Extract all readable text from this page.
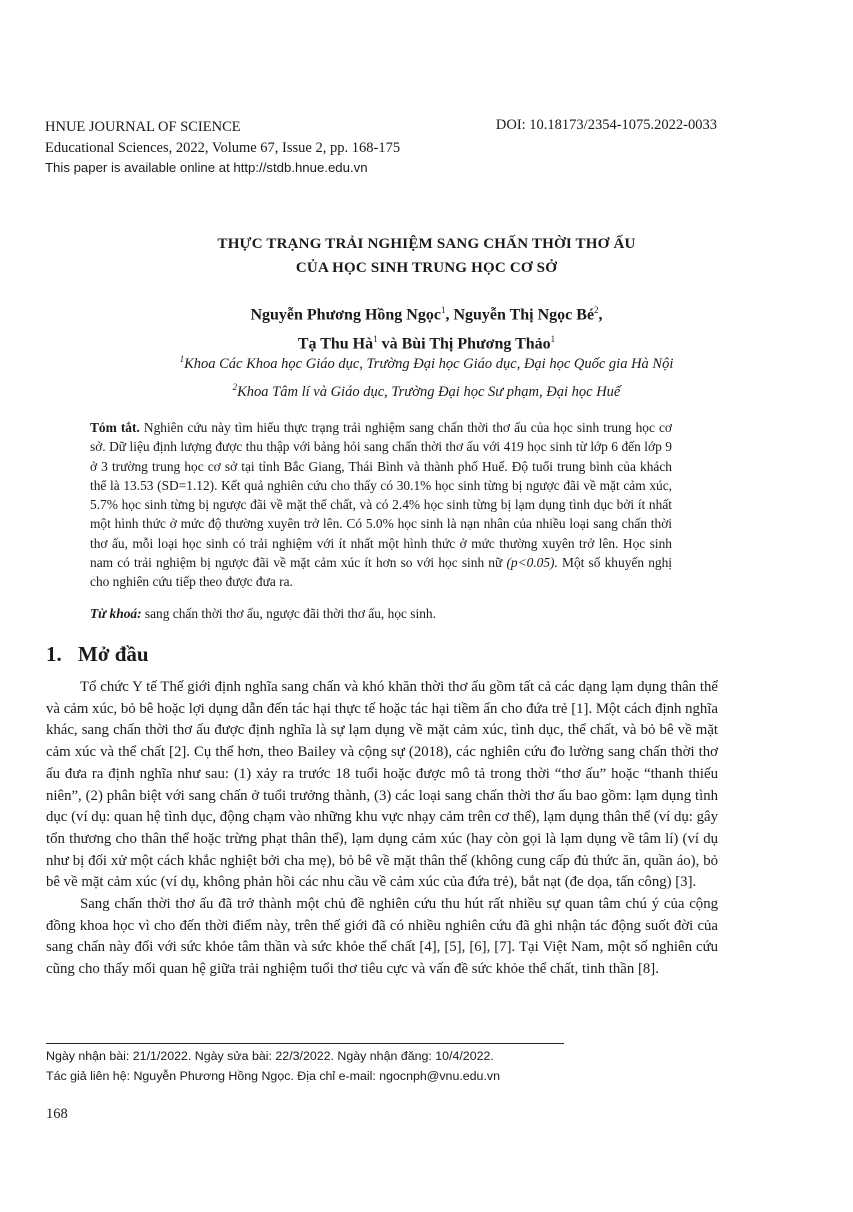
HNUE JOURNAL OF SCIENCE
Educational Sciences, 2022, Volume 67, Issue 2, pp. 168-175
This paper is available online at http://stdb.hnue.edu.vn
DOI: 10.18173/2354-1075.2022-0033
THỰC TRẠNG TRẢI NGHIỆM SANG CHẤN THỜI THƠ ẤU
CỦA HỌC SINH TRUNG HỌC CƠ SỞ
Nguyễn Phương Hồng Ngọc$^1$, Nguyễn Thị Ngọc $Bé^2$,
Tạ Thu $Hà^1$ và Bùi Thị Phương Thảo$^1$
$^1$Khoa Các Khoa học Giáo dục, Trường Đại học Giáo dục, Đại học Quốc gia Hà Nội
$^2$Khoa Tâm lí và Giáo dục, Trường Đại học Sư phạm, Đại học Huế
Tóm tắt. Nghiên cứu này tìm hiểu thực trạng trải nghiệm sang chấn thời thơ ấu của học sinh trung học cơ sở. Dữ liệu định lượng được thu thập với bảng hỏi sang chấn thời thơ ấu với 419 học sinh từ lớp 6 đến lớp 9 ở 3 trường trung học cơ sở tại tỉnh Bắc Giang, Thái Bình và thành phố Huế. Độ tuổi trung bình của khách thể là 13.53 (SD=1.12). Kết quả nghiên cứu cho thấy có 30.1% học sinh từng bị ngược đãi về mặt cảm xúc, 5.7% học sinh từng bị ngược đãi về mặt thể chất, và có 2.4% học sinh từng bị lạm dụng tình dục bởi ít nhất một hình thức ở mức độ thường xuyên trở lên. Có 5.0% học sinh là nạn nhân của nhiều loại sang chấn thời thơ ấu, mỗi loại học sinh có trải nghiệm với ít nhất một hình thức ở mức thường xuyên trở lên. Học sinh nam có trải nghiệm bị ngược đãi về mặt cảm xúc ít hơn so với học sinh nữ (p<0.05). Một số khuyến nghị cho nghiên cứu tiếp theo được đưa ra.
Từ khoá: sang chấn thời thơ ấu, ngược đãi thời thơ ấu, học sinh.
1. Mở đầu

Tổ chức Y tế Thế giới định nghĩa sang chấn và khó khăn thời thơ ấu gồm tất cả các dạng lạm dụng thân thể và cảm xúc, bỏ bê hoặc lợi dụng dẫn đến tác hại thực tế hoặc tác hại tiềm ẩn cho đứa trẻ [1]. Một cách định nghĩa khác, sang chấn thời thơ ấu được định nghĩa là sự lạm dụng về mặt cảm xúc, tình dục, thể chất, và bỏ bê về mặt cảm xúc và thể chất [2]. Cụ thể hơn, theo Bailey và cộng sự (2018), các nghiên cứu đo lường sang chấn thời thơ ấu đưa ra định nghĩa như sau: (1) xảy ra trước 18 tuổi hoặc được mô tả trong thời “thơ ấu” hoặc “thanh thiếu niên”, (2) phân biệt với sang chấn ở tuổi trưởng thành, (3) các loại sang chấn thời thơ ấu bao gồm: lạm dụng tình dục (ví dụ: quan hệ tình dục, động chạm vào những khu vực nhạy cảm trên cơ thể), lạm dụng thân thể (ví dụ: gây tổn thương cho thân thể hoặc trừng phạt thân thể), lạm dụng cảm xúc (hay còn gọi là lạm dụng về tâm lí) (ví dụ như bị đối xử một cách khắc nghiệt bởi cha mẹ), bỏ bê về mặt thân thể (không cung cấp đủ thức ăn, quần áo), bỏ bê về mặt cảm xúc (ví dụ, không phản hồi các nhu cầu về cảm xúc của đứa trẻ), bắt nạt (đe dọa, tấn công) [3].

Sang chấn thời thơ ấu đã trở thành một chủ đề nghiên cứu thu hút rất nhiều sự quan tâm chú ý của cộng đồng khoa học vì cho đến thời điểm này, trên thế giới đã có nhiều nghiên cứu đã ghi nhận tác động suốt đời của sang chấn này đối với sức khỏe tâm thần và sức khỏe thể chất [4], [5], [6], [7]. Tại Việt Nam, một số nghiên cứu cũng cho thấy mối quan hệ giữa trải nghiệm tuổi thơ tiêu cực và vấn đề sức khỏe thể chất, tinh thần [8].

Ngày nhận bài: 21/1/2022. Ngày sửa bài: 22/3/2022. Ngày nhận đăng: 10/4/2022.
Tác giả liên hệ: Nguyễn Phương Hồng Ngọc. Địa chỉ e-mail: ngocnph@vnu.edu.vn
168
